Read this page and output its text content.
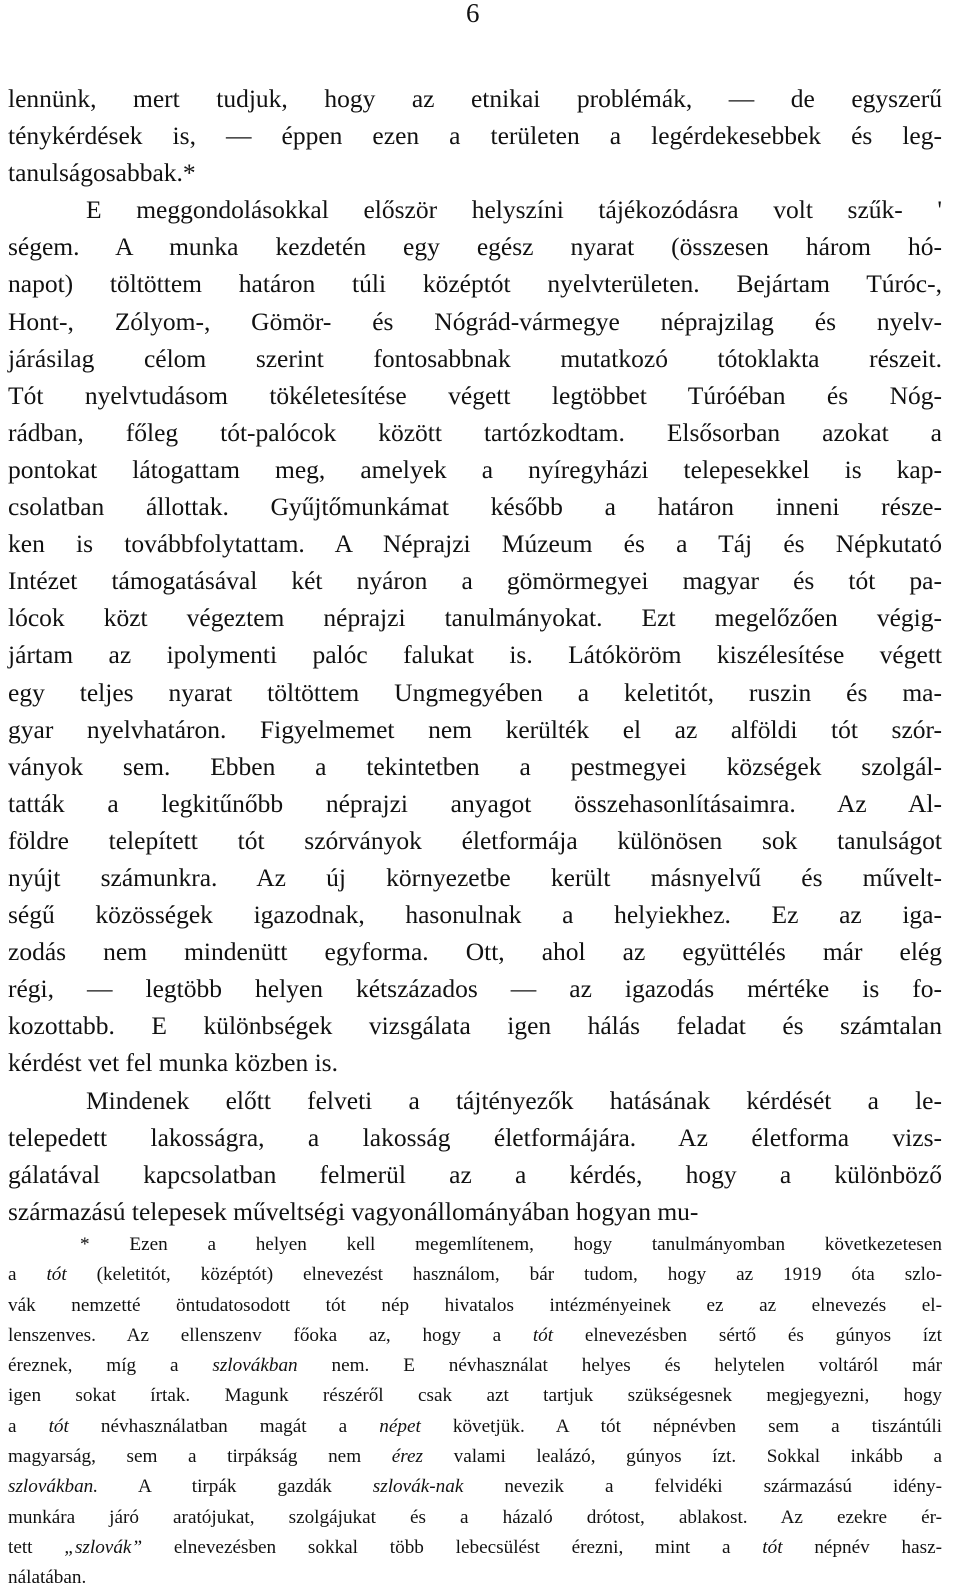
6
lennünk, mert tudjuk, hogy az etnikai problémák, — de egyszerű
ténykérdések is, — éppen ezen a területen a legérdekesebbek és leg-
tanulságosabbak.*
E meggondolásokkal először helyszíni tájékozódásra volt szűk- '
ségem. A munka kezdetén egy egész nyarat (összesen három hó-
napot) töltöttem határon túli középtót nyelvterületen. Bejártam Túróc-,
Hont-, Zólyom-, Gömör- és Nógrád-vármegye néprajzilag és nyelv-
járásilag célom szerint fontosabbnak mutatkozó tótoklakta részeit.
Tót nyelvtudásom tökéletesítése végett legtöbbet Túróéban és Nóg-
rádban, főleg tót-palócok között tartózkodtam. Elsősorban azokat a
pontokat látogattam meg, amelyek a nyíregyházi telepesekkel is kap-
csolatban állottak. Gyűjtőmunkámat később a határon inneni része-
ken is továbbfolytattam. A Néprajzi Múzeum és a Táj és Népkutató
Intézet támogatásával két nyáron a gömörmegyei magyar és tót pa-
lócok közt végeztem néprajzi tanulmányokat. Ezt megelőzően végig-
jártam az ipolymenti palóc falukat is. Látóköröm kiszélesítése végett
egy teljes nyarat töltöttem Ungmegyében a keletitót, ruszin és ma-
gyar nyelvhatáron. Figyelmemet nem kerülték el az alföldi tót szór-
ványok sem. Ebben a tekintetben a pestmegyei községek szolgál-
tatták a legkitűnőbb néprajzi anyagot összehasonlításaimra. Az Al-
földre telepített tót szórványok életformája különösen sok tanulságot
nyújt számunkra. Az új környezetbe került másnyelvű és művelt-
ségű közösségek igazodnak, hasonulnak a helyiekhez. Ez az iga-
zodás nem mindenütt egyforma. Ott, ahol az együttélés már elég
régi, — legtöbb helyen kétszázados — az igazodás mértéke is fo-
kozottabb. E különbségek vizsgálata igen hálás feladat és számtalan
kérdést vet fel munka közben is.
Mindenek előtt felveti a tájtényezők hatásának kérdését a le-
telepedett lakosságra, a lakosság életformájára. Az életforma vizs-
gálatával kapcsolatban felmerül az a kérdés, hogy a különböző
származású telepesek műveltségi vagyonállományában hogyan mu-
* Ezen a helyen kell megemlítenem, hogy tanulmányomban következetesen
a tót (keletitót, középtót) elnevezést használom, bár tudom, hogy az 1919 óta szlo-
vák nemzetté öntudatosodott tót nép hivatalos intézményeinek ez az elnevezés el-
lenszenves. Az ellenszenv főoka az, hogy a tót elnevezésben sértő és gúnyos ízt
éreznek, míg a szlovákban nem. E névhasználat helyes és helytelen voltáról már
igen sokat írtak. Magunk részéről csak azt tartjuk szükségesnek megjegyezni, hogy
a tót névhasználatban magát a népet követjük. A tót népnévben sem a tiszántúli
magyarság, sem a tirpákság nem érez valami lealázó, gúnyos ízt. Sokkal inkább a
szlovákban. A tirpák gazdák szlovák-nak nevezik a felvidéki származású idény-
munkára járó aratójukat, szolgájukat és a házaló drótost, ablakost. Az ezekre ér-
tett „szlovák” elnevezésben sokkal több lebecsülést érezni, mint a tót népnév hasz-
nálatában.
